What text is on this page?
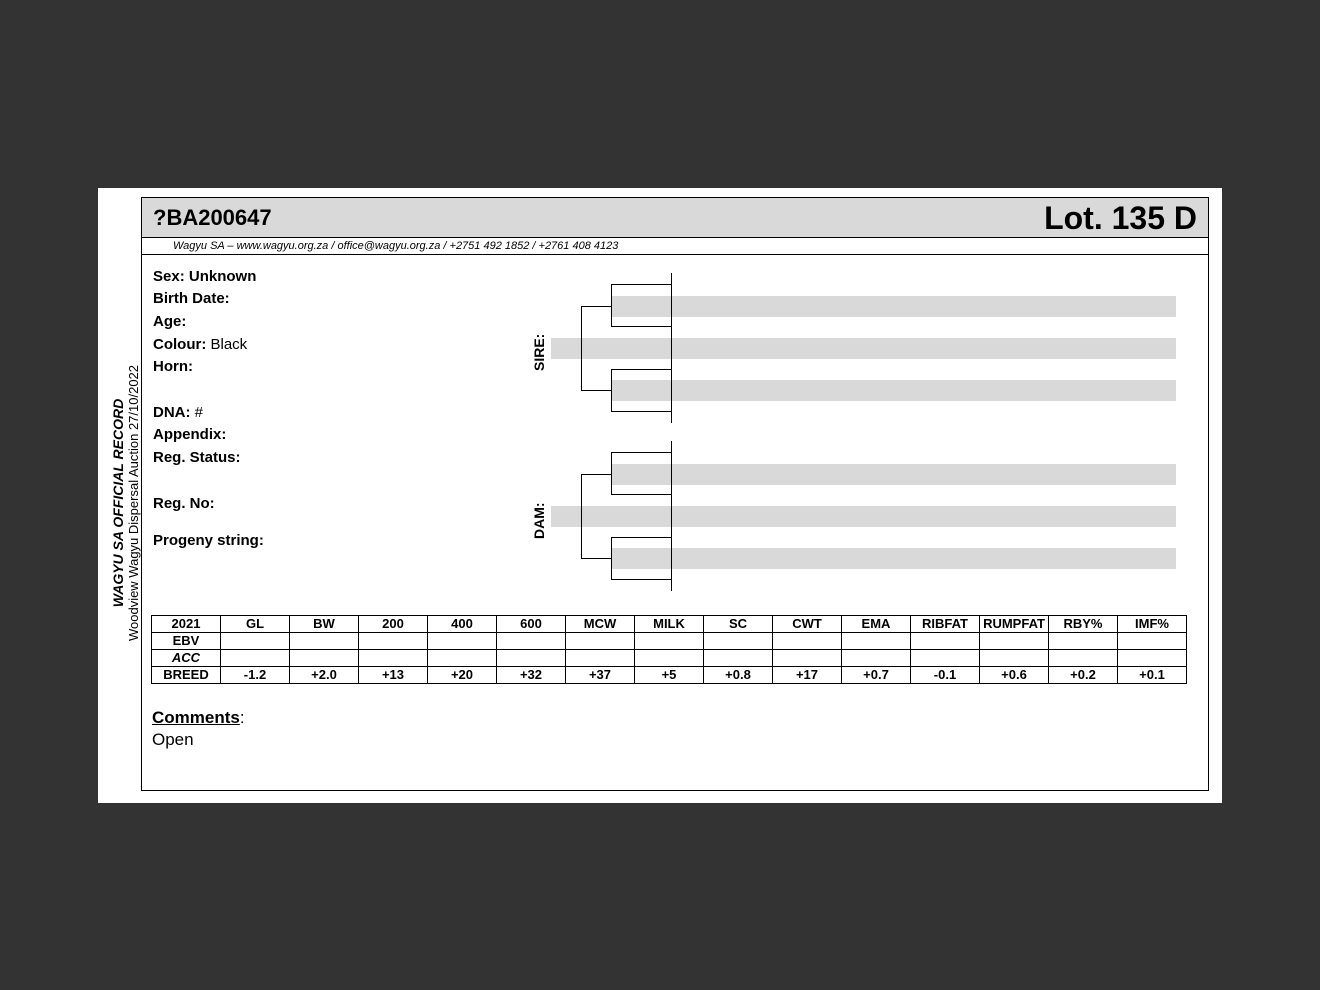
WAGYU SA OFFICIAL RECORD Woodview Wagyu Dispersal Auction 27/10/2022
?BA200647	Lot. 135 D
Wagyu SA – www.wagyu.org.za / office@wagyu.org.za / +2751 492 1852 / +2761 408 4123
Sex: Unknown
Birth Date:
Age:
Colour: Black
Horn:
DNA: #
Appendix:
Reg. Status:
Reg. No:
Progeny string:
SIRE:
DAM:
2021	GL	BW	200	400	600	MCW	MILK	SC	CWT	EMA	RIBFAT	RUMPFAT	RBY%	IMF%
EBV														
ACC														
BREED	-1.2	+2.0	+13	+20	+32	+37	+5	+0.8	+17	+0.7	-0.1	+0.6	+0.2	+0.1
Comments:
Open
